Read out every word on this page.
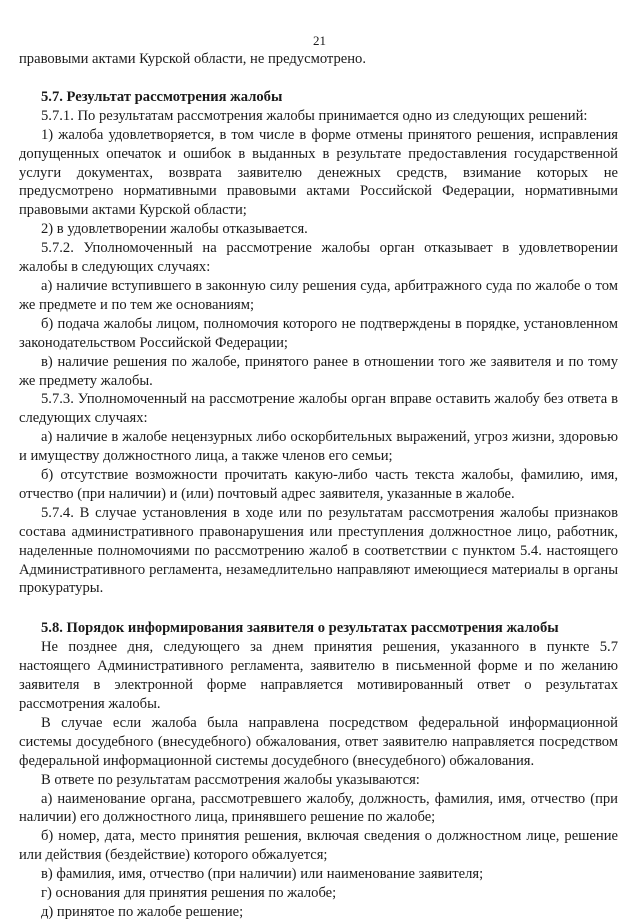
21

правовыми актами Курской области, не предусмотрено.

5.7. Результат рассмотрения жалобы

5.7.1. По результатам рассмотрения жалобы принимается одно из следующих решений:

1) жалоба удовлетворяется, в том числе в форме отмены принятого решения, исправления допущенных опечаток и ошибок в выданных в результате предоставления государственной услуги документах, возврата заявителю денежных средств, взимание которых не предусмотрено нормативными правовыми актами Российской Федерации, нормативными правовыми актами Курской области;

2) в удовлетворении жалобы отказывается.

5.7.2. Уполномоченный на рассмотрение жалобы орган отказывает в удовлетворении жалобы в следующих случаях:

а) наличие вступившего в законную силу решения суда, арбитражного суда по жалобе о том же предмете и по тем же основаниям;

б) подача жалобы лицом, полномочия которого не подтверждены в порядке, установленном законодательством Российской Федерации;

в) наличие решения по жалобе, принятого ранее в отношении того же заявителя и по тому же предмету жалобы.

5.7.3. Уполномоченный на рассмотрение жалобы орган вправе оставить жалобу без ответа в следующих случаях:

а) наличие в жалобе нецензурных либо оскорбительных выражений, угроз жизни, здоровью и имуществу должностного лица, а также членов его семьи;

б) отсутствие возможности прочитать какую-либо часть текста жалобы, фамилию, имя, отчество (при наличии) и (или) почтовый адрес заявителя, указанные в жалобе.

5.7.4. В случае установления в ходе или по результатам рассмотрения жалобы признаков состава административного правонарушения или преступления должностное лицо, работник, наделенные полномочиями по рассмотрению жалоб в соответствии с пунктом 5.4. настоящего Административного регламента, незамедлительно направляют имеющиеся материалы в органы прокуратуры.

5.8. Порядок информирования заявителя о результатах рассмотрения жалобы

Не позднее дня, следующего за днем принятия решения, указанного в пункте 5.7 настоящего Административного регламента, заявителю в письменной форме и по желанию заявителя в электронной форме направляется мотивированный ответ о результатах рассмотрения жалобы.

В случае если жалоба была направлена посредством федеральной информационной системы досудебного (внесудебного) обжалования, ответ заявителю направляется посредством федеральной информационной системы досудебного (внесудебного) обжалования.

В ответе по результатам рассмотрения жалобы указываются:

а) наименование органа, рассмотревшего жалобу, должность, фамилия, имя, отчество (при наличии) его должностного лица, принявшего решение по жалобе;

б) номер, дата, место принятия решения, включая сведения о должностном лице, решение или действия (бездействие) которого обжалуется;

в) фамилия, имя, отчество (при наличии) или наименование заявителя;

г) основания для принятия решения по жалобе;

д) принятое по жалобе решение;
